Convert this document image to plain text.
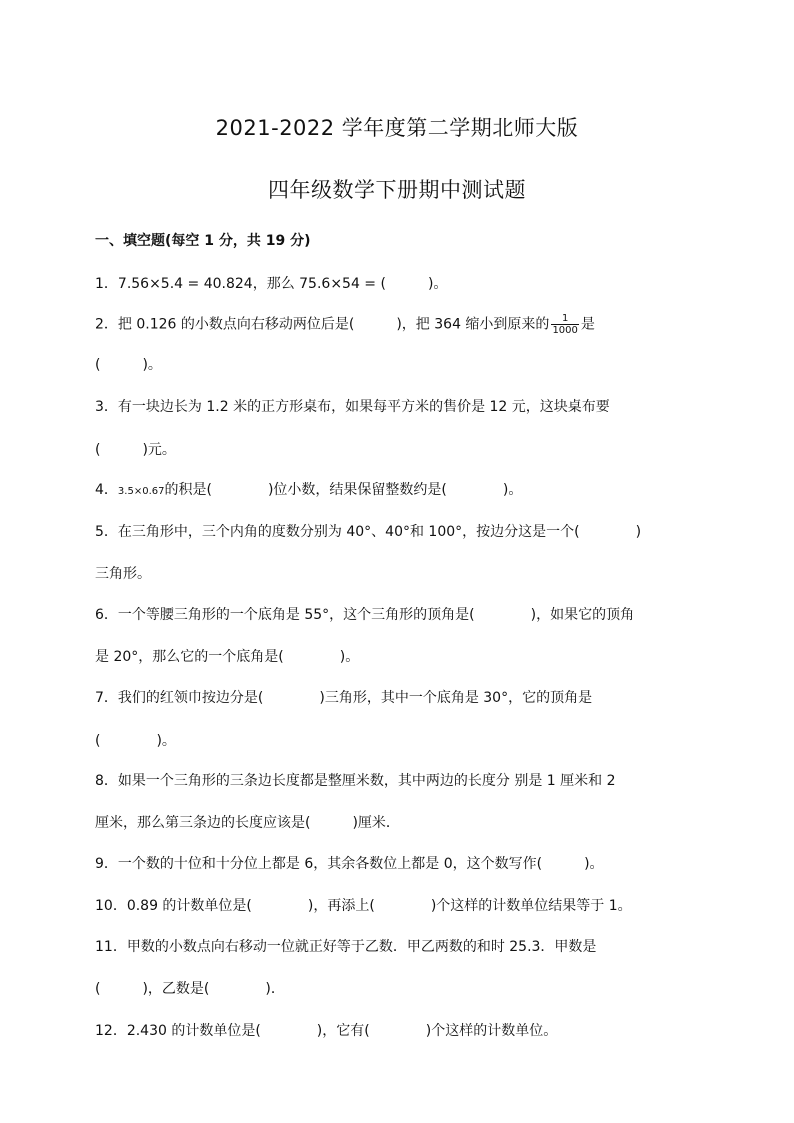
2021-2022 学年度第二学期北师大版
四年级数学下册期中测试题
一、填空题(每空 1 分，共 19 分)
1．7.56×5.4 = 40.824，那么 75.6×54 = (　　　)。
2．把 0.126 的小数点向右移动两位后是(　　　)，把 364 缩小到原来的 $\frac{1}{1000}$ 是
(　　　)。
3．有一块边长为 1.2 米的正方形桌布，如果每平方米的售价是 12 元，这块桌布要
(　　　)元。
4．3.5×0.67的积是(　　　　)位小数，结果保留整数约是(　　　　)。
5．在三角形中，三个内角的度数分别为 40°、40°和 100°，按边分这是一个(　　　　)
三角形。
6．一个等腰三角形的一个底角是 55°，这个三角形的顶角是(　　　　)，如果它的顶角
是 20°，那么它的一个底角是(　　　　)。
7．我们的红领巾按边分是(　　　　)三角形，其中一个底角是 30°，它的顶角是
(　　　　)。
8．如果一个三角形的三条边长度都是整厘米数，其中两边的长度分 别是 1 厘米和 2
厘米，那么第三条边的长度应该是(　　　)厘米．
9．一个数的十位和十分位上都是 6，其余各数位上都是 0，这个数写作(　　　)。
10．0.89 的计数单位是(　　　　)，再添上(　　　　)个这样的计数单位结果等于 1。
11．甲数的小数点向右移动一位就正好等于乙数．甲乙两数的和时 25.3．甲数是
(　　　)，乙数是(　　　　)．
12．2.430 的计数单位是(　　　　)，它有(　　　　)个这样的计数单位。
